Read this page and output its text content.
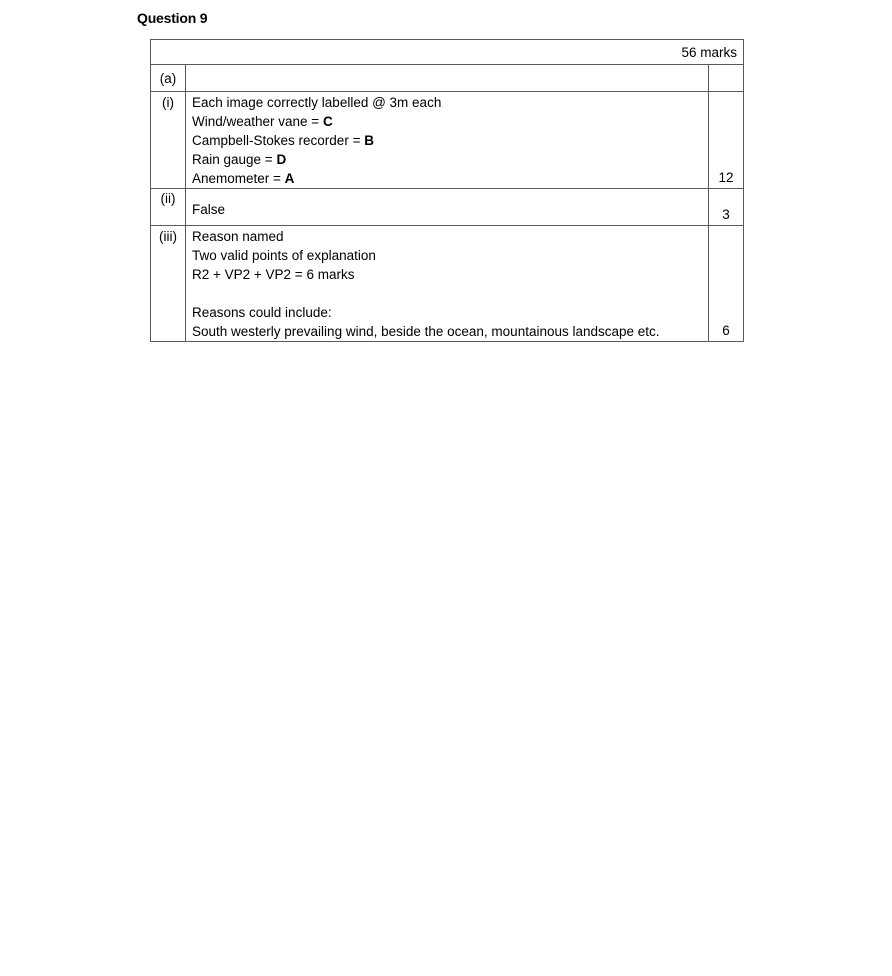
Question 9
56 marks		
(a)		
(i)	Each image correctly labelled @ 3m each
Wind/weather vane = C
Campbell-Stokes recorder = B
Rain gauge = D
Anemometer = A	12
(ii)	False	3
(iii)	Reason named
Two valid points of explanation
R2 + VP2 + VP2 = 6 marks
Reasons could include:
South westerly prevailing wind, beside the ocean, mountainous landscape etc.	6
